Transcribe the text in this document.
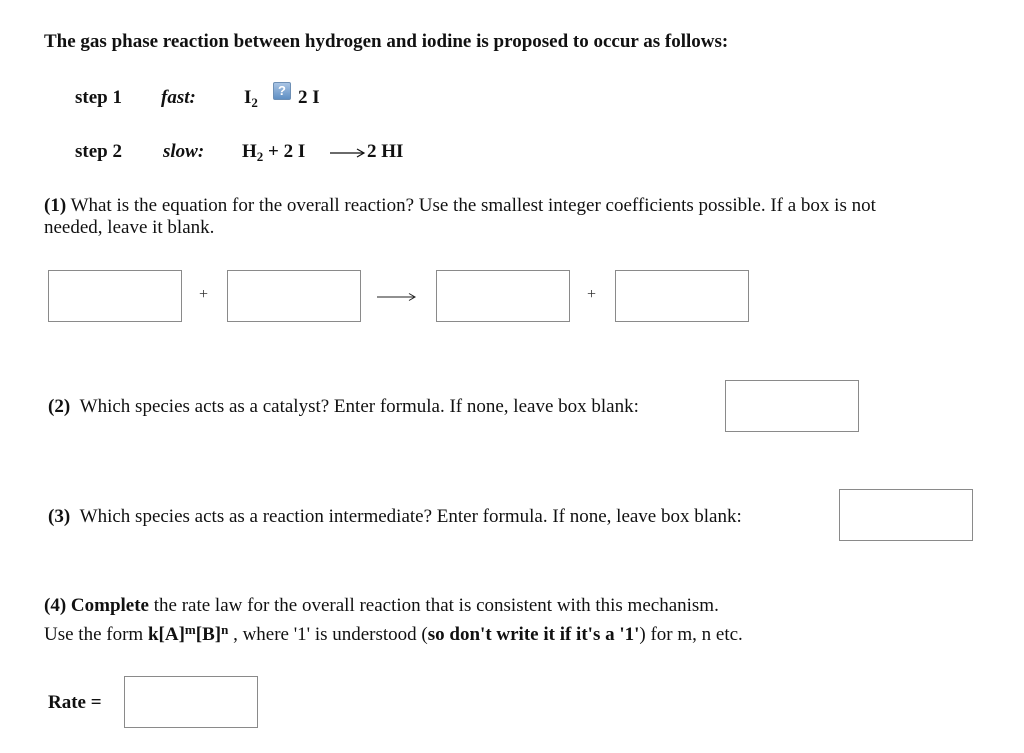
The gas phase reaction between hydrogen and iodine is proposed to occur as follows:
step 1 fast:	$I_2$
? 2 I
step 2 slow: $H_2 + 2$ I → 2 HI
(1) What is the equation for the overall reaction? Use the smallest integer coefficients possible. If a box is not
needed, leave it blank.
+	+
(2) Which species acts as a catalyst? Enter formula. If none, leave box blank:
(3) Which species acts as a reaction intermediate? Enter formula. If none, leave box blank:
(4) Complete the rate law for the overall reaction that is consistent with this mechanism.
Use the form $k[A]^m[B]^n$ , where '1' is understood (so don't write it if it's a '1') for m, n etc.
Rate =
